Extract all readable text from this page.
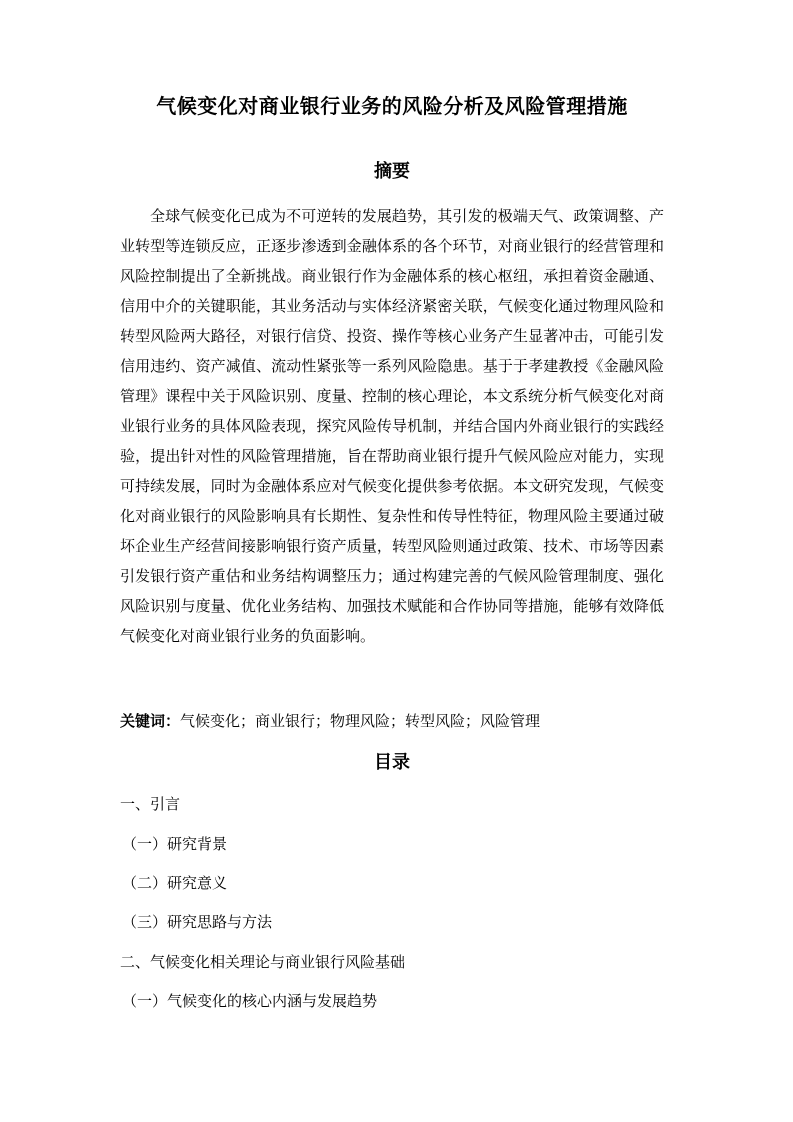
气候变化对商业银行业务的风险分析及风险管理措施
摘要

全球气候变化已成为不可逆转的发展趋势，其引发的极端天气、政策调整、产业转型等连锁反应，正逐步渗透到金融体系的各个环节，对商业银行的经营管理和风险控制提出了全新挑战。商业银行作为金融体系的核心枢纽，承担着资金融通、信用中介的关键职能，其业务活动与实体经济紧密关联，气候变化通过物理风险和转型风险两大路径，对银行信贷、投资、操作等核心业务产生显著冲击，可能引发信用违约、资产减值、流动性紧张等一系列风险隐患。基于于孝建教授《金融风险管理》课程中关于风险识别、度量、控制的核心理论，本文系统分析气候变化对商业银行业务的具体风险表现，探究风险传导机制，并结合国内外商业银行的实践经验，提出针对性的风险管理措施，旨在帮助商业银行提升气候风险应对能力，实现可持续发展，同时为金融体系应对气候变化提供参考依据。本文研究发现，气候变化对商业银行的风险影响具有长期性、复杂性和传导性特征，物理风险主要通过破坏企业生产经营间接影响银行资产质量，转型风险则通过政策、技术、市场等因素引发银行资产重估和业务结构调整压力；通过构建完善的气候风险管理制度、强化风险识别与度量、优化业务结构、加强技术赋能和合作协同等措施，能够有效降低气候变化对商业银行业务的负面影响。

关键词：气候变化；商业银行；物理风险；转型风险；风险管理
目录
一、引言
（一）研究背景
（二）研究意义
（三）研究思路与方法
二、气候变化相关理论与商业银行风险基础
（一）气候变化的核心内涵与发展趋势
